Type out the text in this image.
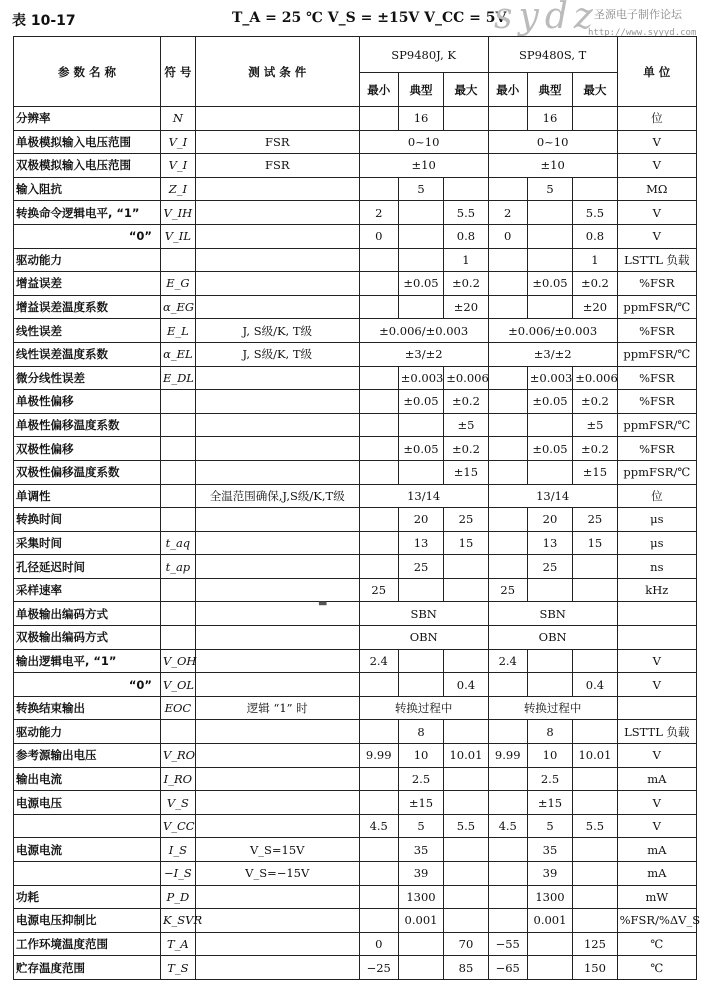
表 10-17	T_A = 25 ℃ V_S = ±15V V_CC = 5V
sydz
圣源电子制作论坛
http://www.syyyd.com
参 数 名 称	符 号	测 试 条 件	SP9480J, K			SP9480S, T			单 位
			最小	典型	最大	最小	典型	最大	
分辨率	N			16			16		位
单极模拟输入电压范围	V_I	FSR	0~10			0~10			V
双极模拟输入电压范围	V_I	FSR	±10			±10			V
输入阻抗	Z_I			5			5		MΩ
转换命令逻辑电平, “1”	V_IH		2		5.5	2		5.5	V
“0”	V_IL		0		0.8	0		0.8	V
驱动能力					1			1	LSTTL 负载
增益误差	E_G			±0.05	±0.2		±0.05	±0.2	%FSR
增益误差温度系数	α_EG				±20			±20	ppmFSR/℃
线性误差	E_L	J, S级/K, T级	±0.006/±0.003			±0.006/±0.003			%FSR
线性误差温度系数	α_EL	J, S级/K, T级	±3/±2			±3/±2			ppmFSR/℃
微分线性误差	E_DL			±0.003	±0.006		±0.003	±0.006	%FSR
单极性偏移				±0.05	±0.2		±0.05	±0.2	%FSR
单极性偏移温度系数					±5			±5	ppmFSR/℃
双极性偏移				±0.05	±0.2		±0.05	±0.2	%FSR
双极性偏移温度系数					±15			±15	ppmFSR/℃
单调性		全温范围确保,J,S级/K,T级	13/14			13/14			位
转换时间				20	25		20	25	μs
采集时间	t_aq			13	15		13	15	μs
孔径延迟时间	t_ap			25			25		ns
采样速率			25			25			kHz
单极输出编码方式			SBN			SBN			
双极输出编码方式			OBN			OBN			
输出逻辑电平, “1”	V_OH		2.4			2.4			V
“0”	V_OL				0.4			0.4	V
转换结束输出	EOC	逻辑 “1” 时	转换过程中			转换过程中			
驱动能力				8			8		LSTTL 负载
参考源输出电压	V_RO		9.99	10	10.01	9.99	10	10.01	V
输出电流	I_RO			2.5			2.5		mA
电源电压	V_S			±15			±15		V
	V_CC		4.5	5	5.5	4.5	5	5.5	V
电源电流	I_S	V_S=15V		35			35		mA
	−I_S	V_S=−15V		39			39		mA
功耗	P_D			1300			1300		mW
电源电压抑制比	K_SVR			0.001			0.001		%FSR/%ΔV_S
工作环境温度范围	T_A		0		70	−55		125	℃
贮存温度范围	T_S		−25		85	−65		150	℃
▬
